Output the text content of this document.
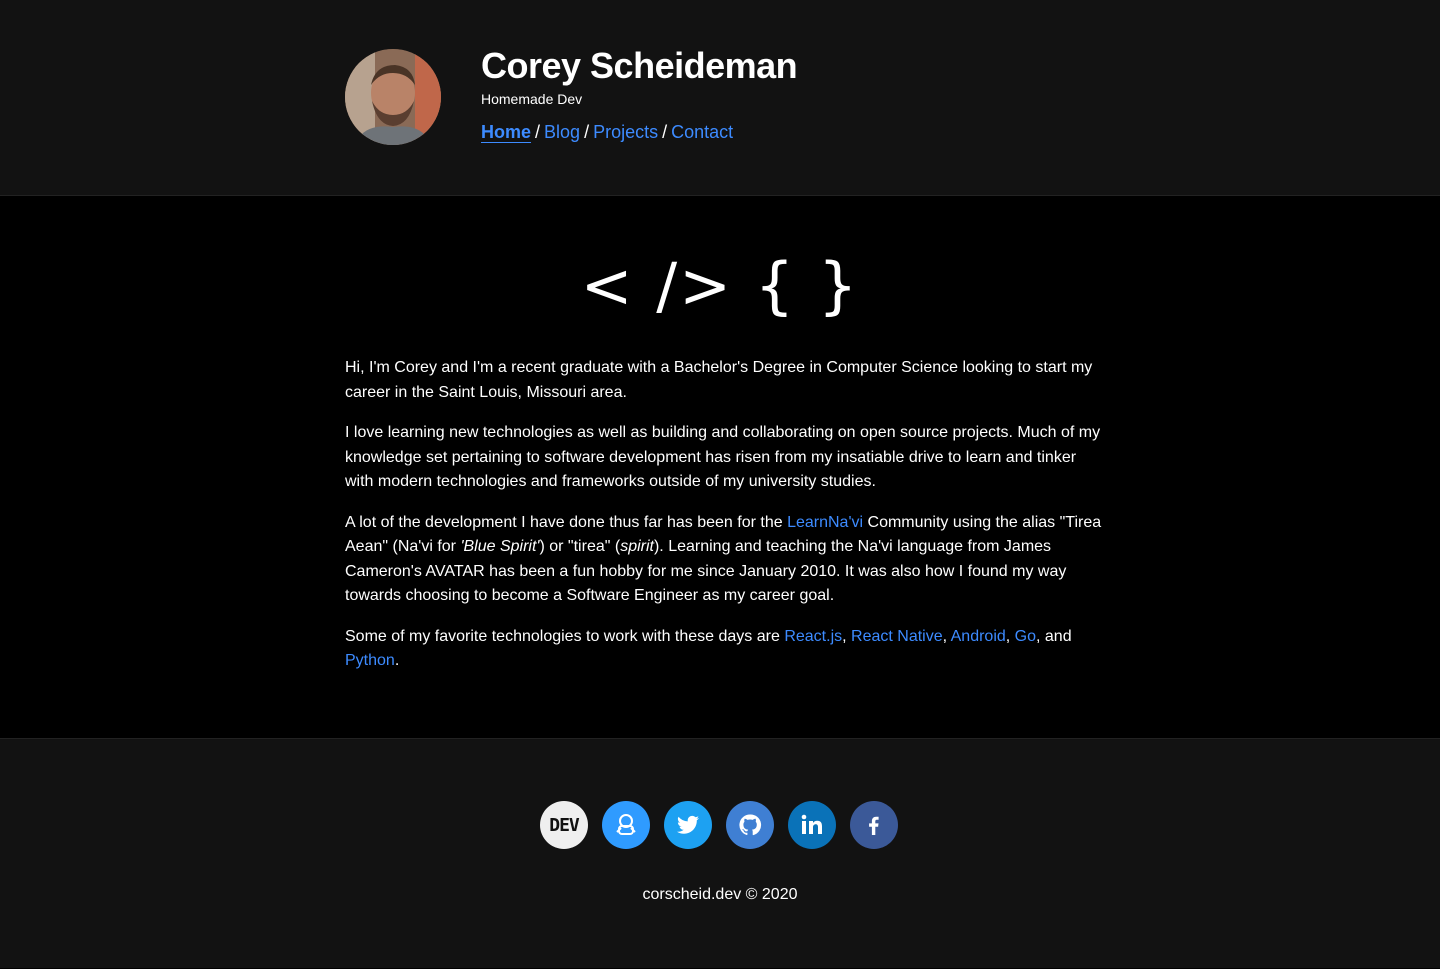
Corey Scheideman
Homemade Dev
Home / Blog / Projects / Contact
< /> { }

Hi, I'm Corey and I'm a recent graduate with a Bachelor's Degree in Computer Science looking to start my career in the Saint Louis, Missouri area.

I love learning new technologies as well as building and collaborating on open source projects. Much of my knowledge set pertaining to software development has risen from my insatiable drive to learn and tinker with modern technologies and frameworks outside of my university studies.

A lot of the development I have done thus far has been for the LearnNa'vi Community using the alias "Tirea Aean" (Na'vi for 'Blue Spirit') or "tirea" (spirit). Learning and teaching the Na'vi language from James Cameron's AVATAR has been a fun hobby for me since January 2010. It was also how I found my way towards choosing to become a Software Engineer as my career goal.

Some of my favorite technologies to work with these days are React.js, React Native, Android, Go, and Python.

DEV
corscheid.dev © 2020
